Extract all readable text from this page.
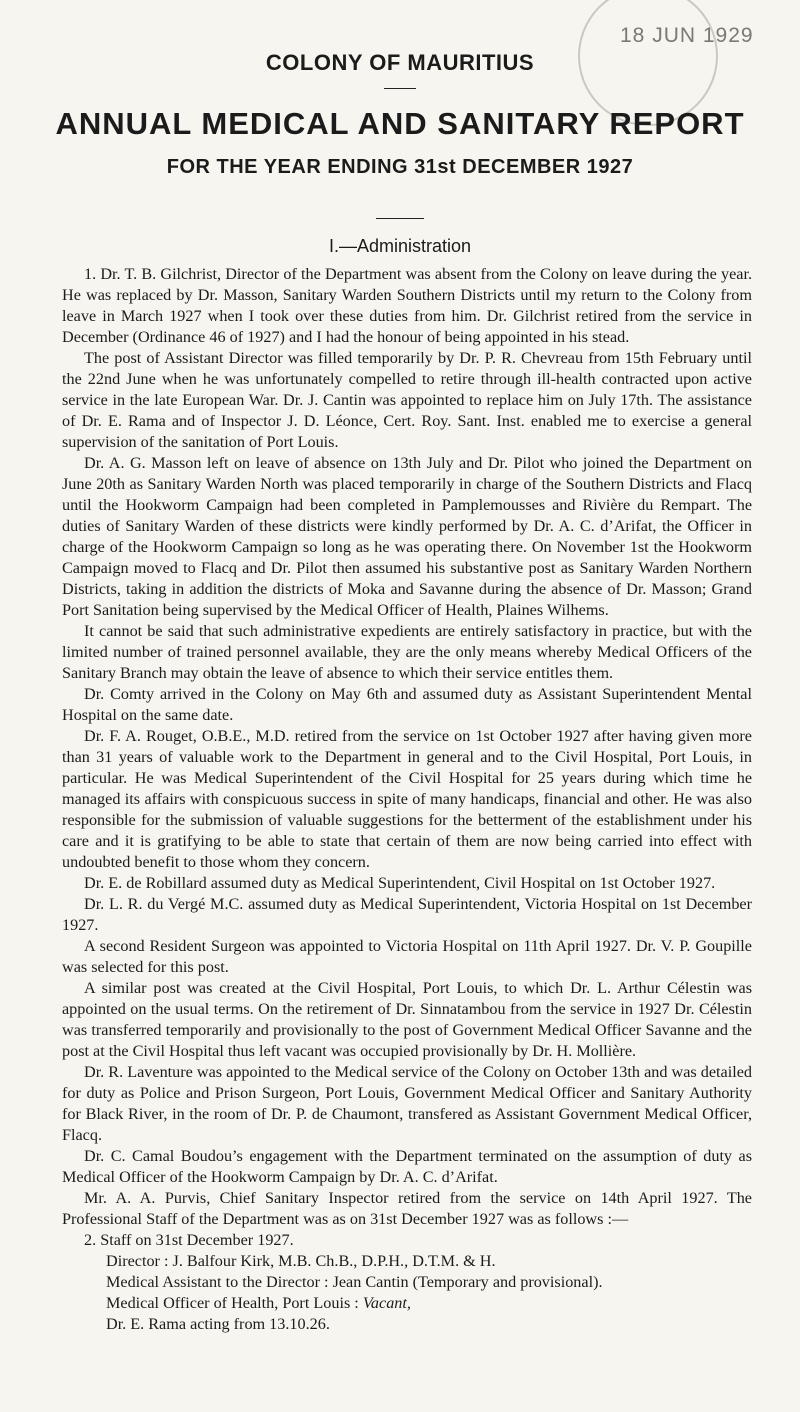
18 JUN 1929
COLONY OF MAURITIUS
ANNUAL MEDICAL AND SANITARY REPORT
FOR THE YEAR ENDING 31st DECEMBER 1927
I.—Administration

1. Dr. T. B. Gilchrist, Director of the Department was absent from the Colony on leave during the year. He was replaced by Dr. Masson, Sanitary Warden Southern Districts until my return to the Colony from leave in March 1927 when I took over these duties from him. Dr. Gilchrist retired from the service in December (Ordinance 46 of 1927) and I had the honour of being appointed in his stead.

The post of Assistant Director was filled temporarily by Dr. P. R. Chevreau from 15th February until the 22nd June when he was unfortunately compelled to retire through ill-health contracted upon active service in the late European War. Dr. J. Cantin was appointed to replace him on July 17th. The assistance of Dr. E. Rama and of Inspector J. D. Léonce, Cert. Roy. Sant. Inst. enabled me to exercise a general supervision of the sanitation of Port Louis.

Dr. A. G. Masson left on leave of absence on 13th July and Dr. Pilot who joined the Department on June 20th as Sanitary Warden North was placed temporarily in charge of the Southern Districts and Flacq until the Hookworm Campaign had been completed in Pamplemousses and Rivière du Rempart. The duties of Sanitary Warden of these districts were kindly performed by Dr. A. C. d’Arifat, the Officer in charge of the Hookworm Campaign so long as he was operating there. On November 1st the Hookworm Campaign moved to Flacq and Dr. Pilot then assumed his substantive post as Sanitary Warden Northern Districts, taking in addition the districts of Moka and Savanne during the absence of Dr. Masson; Grand Port Sanitation being supervised by the Medical Officer of Health, Plaines Wilhems.

It cannot be said that such administrative expedients are entirely satisfactory in practice, but with the limited number of trained personnel available, they are the only means whereby Medical Officers of the Sanitary Branch may obtain the leave of absence to which their service entitles them.

Dr. Comty arrived in the Colony on May 6th and assumed duty as Assistant Superintendent Mental Hospital on the same date.

Dr. F. A. Rouget, O.B.E., M.D. retired from the service on 1st October 1927 after having given more than 31 years of valuable work to the Department in general and to the Civil Hospital, Port Louis, in particular. He was Medical Superintendent of the Civil Hospital for 25 years during which time he managed its affairs with conspicuous success in spite of many handicaps, financial and other. He was also responsible for the submission of valuable suggestions for the betterment of the establishment under his care and it is gratifying to be able to state that certain of them are now being carried into effect with undoubted benefit to those whom they concern.

Dr. E. de Robillard assumed duty as Medical Superintendent, Civil Hospital on 1st October 1927.

Dr. L. R. du Vergé M.C. assumed duty as Medical Superintendent, Victoria Hospital on 1st December 1927.

A second Resident Surgeon was appointed to Victoria Hospital on 11th April 1927. Dr. V. P. Goupille was selected for this post.

A similar post was created at the Civil Hospital, Port Louis, to which Dr. L. Arthur Célestin was appointed on the usual terms. On the retirement of Dr. Sinnatambou from the service in 1927 Dr. Célestin was transferred temporarily and provisionally to the post of Government Medical Officer Savanne and the post at the Civil Hospital thus left vacant was occupied provisionally by Dr. H. Mollière.

Dr. R. Laventure was appointed to the Medical service of the Colony on October 13th and was detailed for duty as Police and Prison Surgeon, Port Louis, Government Medical Officer and Sanitary Authority for Black River, in the room of Dr. P. de Chaumont, transfered as Assistant Government Medical Officer, Flacq.

Dr. C. Camal Boudou’s engagement with the Department terminated on the assumption of duty as Medical Officer of the Hookworm Campaign by Dr. A. C. d’Arifat.

Mr. A. A. Purvis, Chief Sanitary Inspector retired from the service on 14th April 1927. The Professional Staff of the Department was as on 31st December 1927 was as follows :—

2. Staff on 31st December 1927.

Director : J. Balfour Kirk, M.B. Ch.B., D.P.H., D.T.M. & H.

Medical Assistant to the Director : Jean Cantin (Temporary and provisional).

Medical Officer of Health, Port Louis : Vacant,

Dr. E. Rama acting from 13.10.26.
